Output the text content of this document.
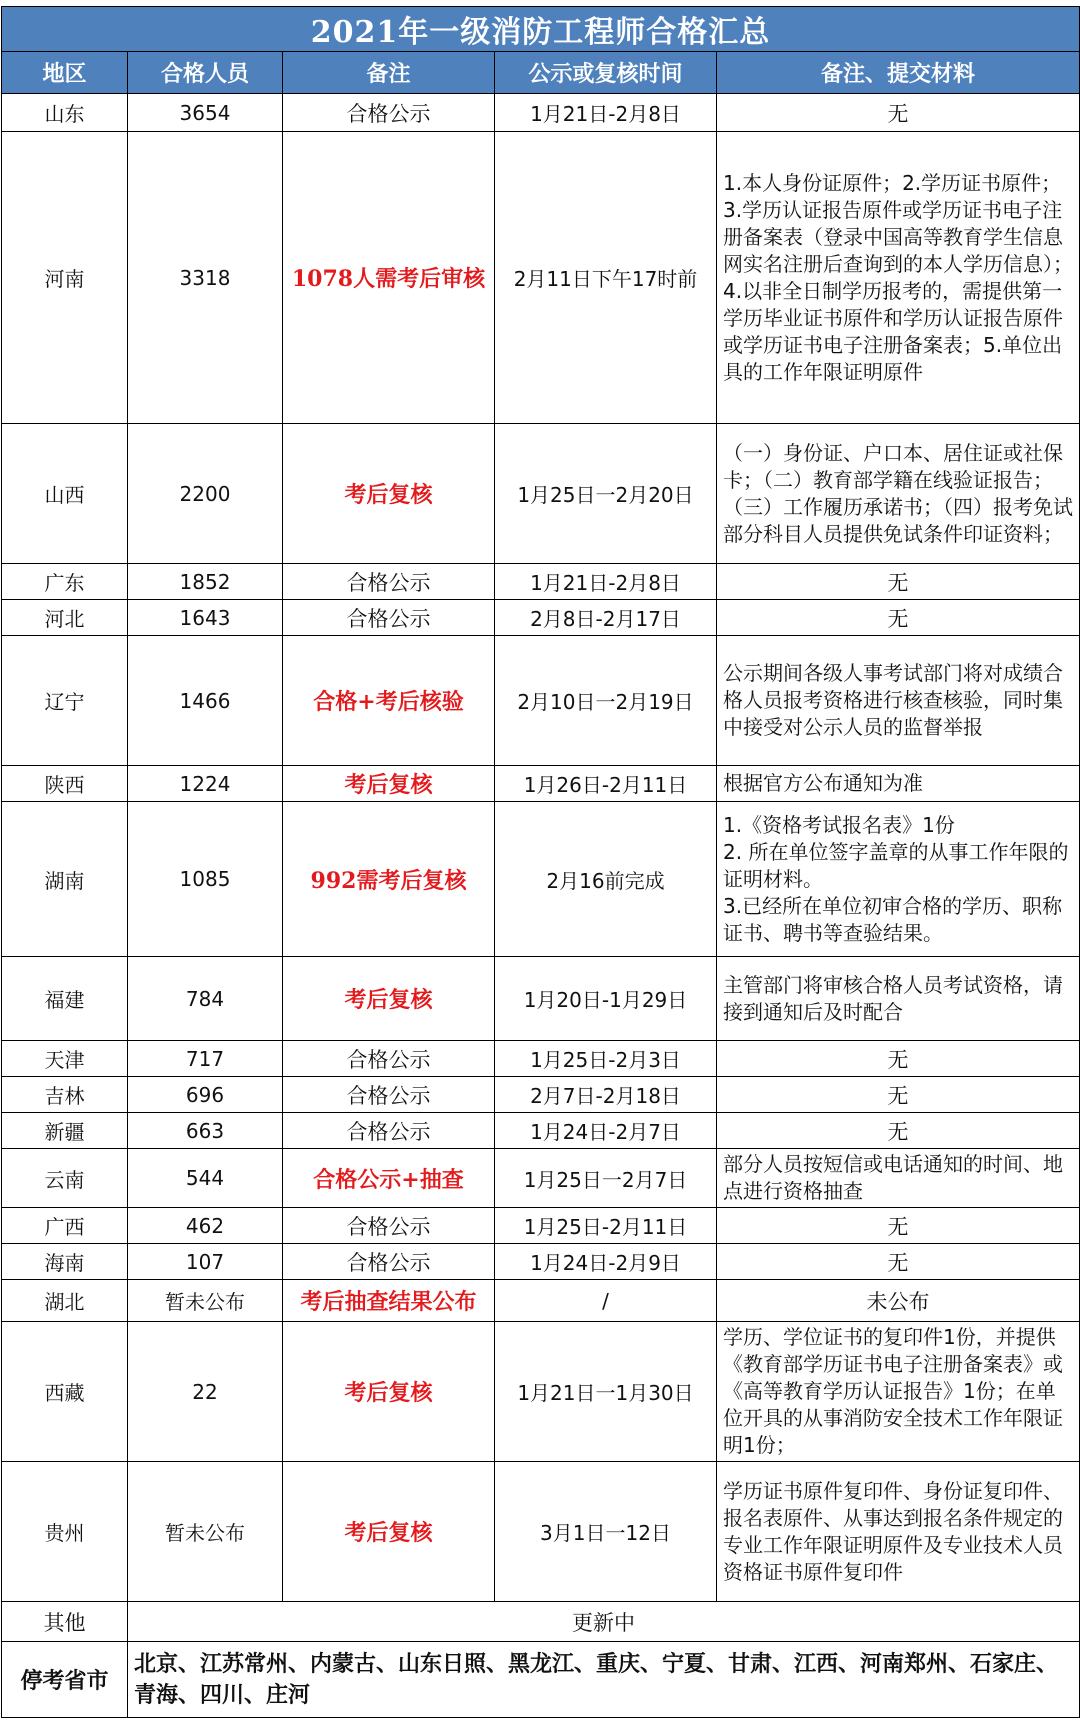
2021年一级消防工程师合格汇总				
地区	合格人员	备注	公示或复核时间	备注、提交材料
山东	3654	合格公示	1月21日-2月8日	无
河南	3318	1078人需考后审核	2月11日下午17时前	1.本人身份证原件；2.学历证书原件；3.学历认证报告原件或学历证书电子注册备案表（登录中国高等教育学生信息网实名注册后查询到的本人学历信息）；4.以非全日制学历报考的，需提供第一学历毕业证书原件和学历认证报告原件或学历证书电子注册备案表；5.单位出具的工作年限证明原件
山西	2200	考后复核	1月25日一2月20日	（一）身份证、户口本、居住证或社保卡；（二）教育部学籍在线验证报告；（三）工作履历承诺书；（四）报考免试部分科目人员提供免试条件印证资料；
广东	1852	合格公示	1月21日-2月8日	无
河北	1643	合格公示	2月8日-2月17日	无
辽宁	1466	合格+考后核验	2月10日一2月19日	公示期间各级人事考试部门将对成绩合格人员报考资格进行核查核验，同时集中接受对公示人员的监督举报
陕西	1224	考后复核	1月26日-2月11日	根据官方公布通知为准
湖南	1085	992需考后复核	2月16前完成	1.《资格考试报名表》1份
2. 所在单位签字盖章的从事工作年限的证明材料。
3.已经所在单位初审合格的学历、职称证书、聘书等查验结果。
福建	784	考后复核	1月20日-1月29日	主管部门将审核合格人员考试资格，请接到通知后及时配合
天津	717	合格公示	1月25日-2月3日	无
吉林	696	合格公示	2月7日-2月18日	无
新疆	663	合格公示	1月24日-2月7日	无
云南	544	合格公示+抽查	1月25日一2月7日	部分人员按短信或电话通知的时间、地点进行资格抽查
广西	462	合格公示	1月25日-2月11日	无
海南	107	合格公示	1月24日-2月9日	无
湖北	暂未公布	考后抽查结果公布	/	未公布
西藏	22	考后复核	1月21日一1月30日	学历、学位证书的复印件1份，并提供《教育部学历证书电子注册备案表》或《高等教育学历认证报告》1份；在单位开具的从事消防安全技术工作年限证明1份；
贵州	暂未公布	考后复核	3月1日一12日	学历证书原件复印件、身份证复印件、报名表原件、从事达到报名条件规定的专业工作年限证明原件及专业技术人员资格证书原件复印件
其他	更新中			
停考省市	北京、江苏常州、内蒙古、山东日照、黑龙江、重庆、宁夏、甘肃、江西、河南郑州、石家庄、青海、四川、庄河			
